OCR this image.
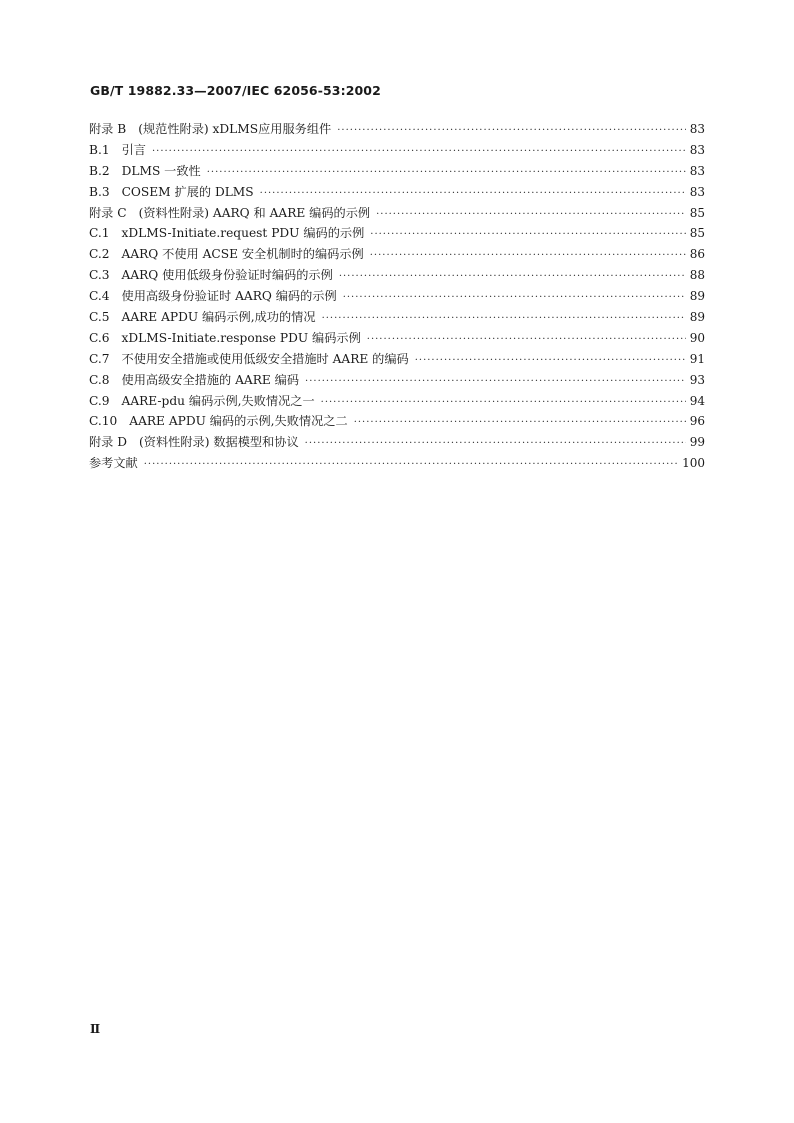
GB/T 19882.33—2007/IEC 62056-53:2002
附录 B (规范性附录) xDLMS应用服务组件 ·····	83
B.1 引言 ·····	83
B.2 DLMS 一致性 ·····	83
B.3 COSEM 扩展的 DLMS ·····	83
附录 C (资料性附录) AARQ 和 AARE 编码的示例 ·····	85
C.1 xDLMS-Initiate.request PDU 编码的示例 ·····	85
C.2 AARQ 不使用 ACSE 安全机制时的编码示例 ·····	86
C.3 AARQ 使用低级身份验证时编码的示例 ·····	88
C.4 使用高级身份验证时 AARQ 编码的示例 ·····	89
C.5 AARE APDU 编码示例,成功的情况 ·····	89
C.6 xDLMS-Initiate.response PDU 编码示例 ·····	90
C.7 不使用安全措施或使用低级安全措施时 AARE 的编码 ·····	91
C.8 使用高级安全措施的 AARE 编码 ·····	93
C.9 AARE-pdu 编码示例,失败情况之一 ·····	94
C.10 AARE APDU 编码的示例,失败情况之二 ·····	96
附录 D (资料性附录) 数据模型和协议 ·····	99
参考文献 ·····	100
Ⅱ
